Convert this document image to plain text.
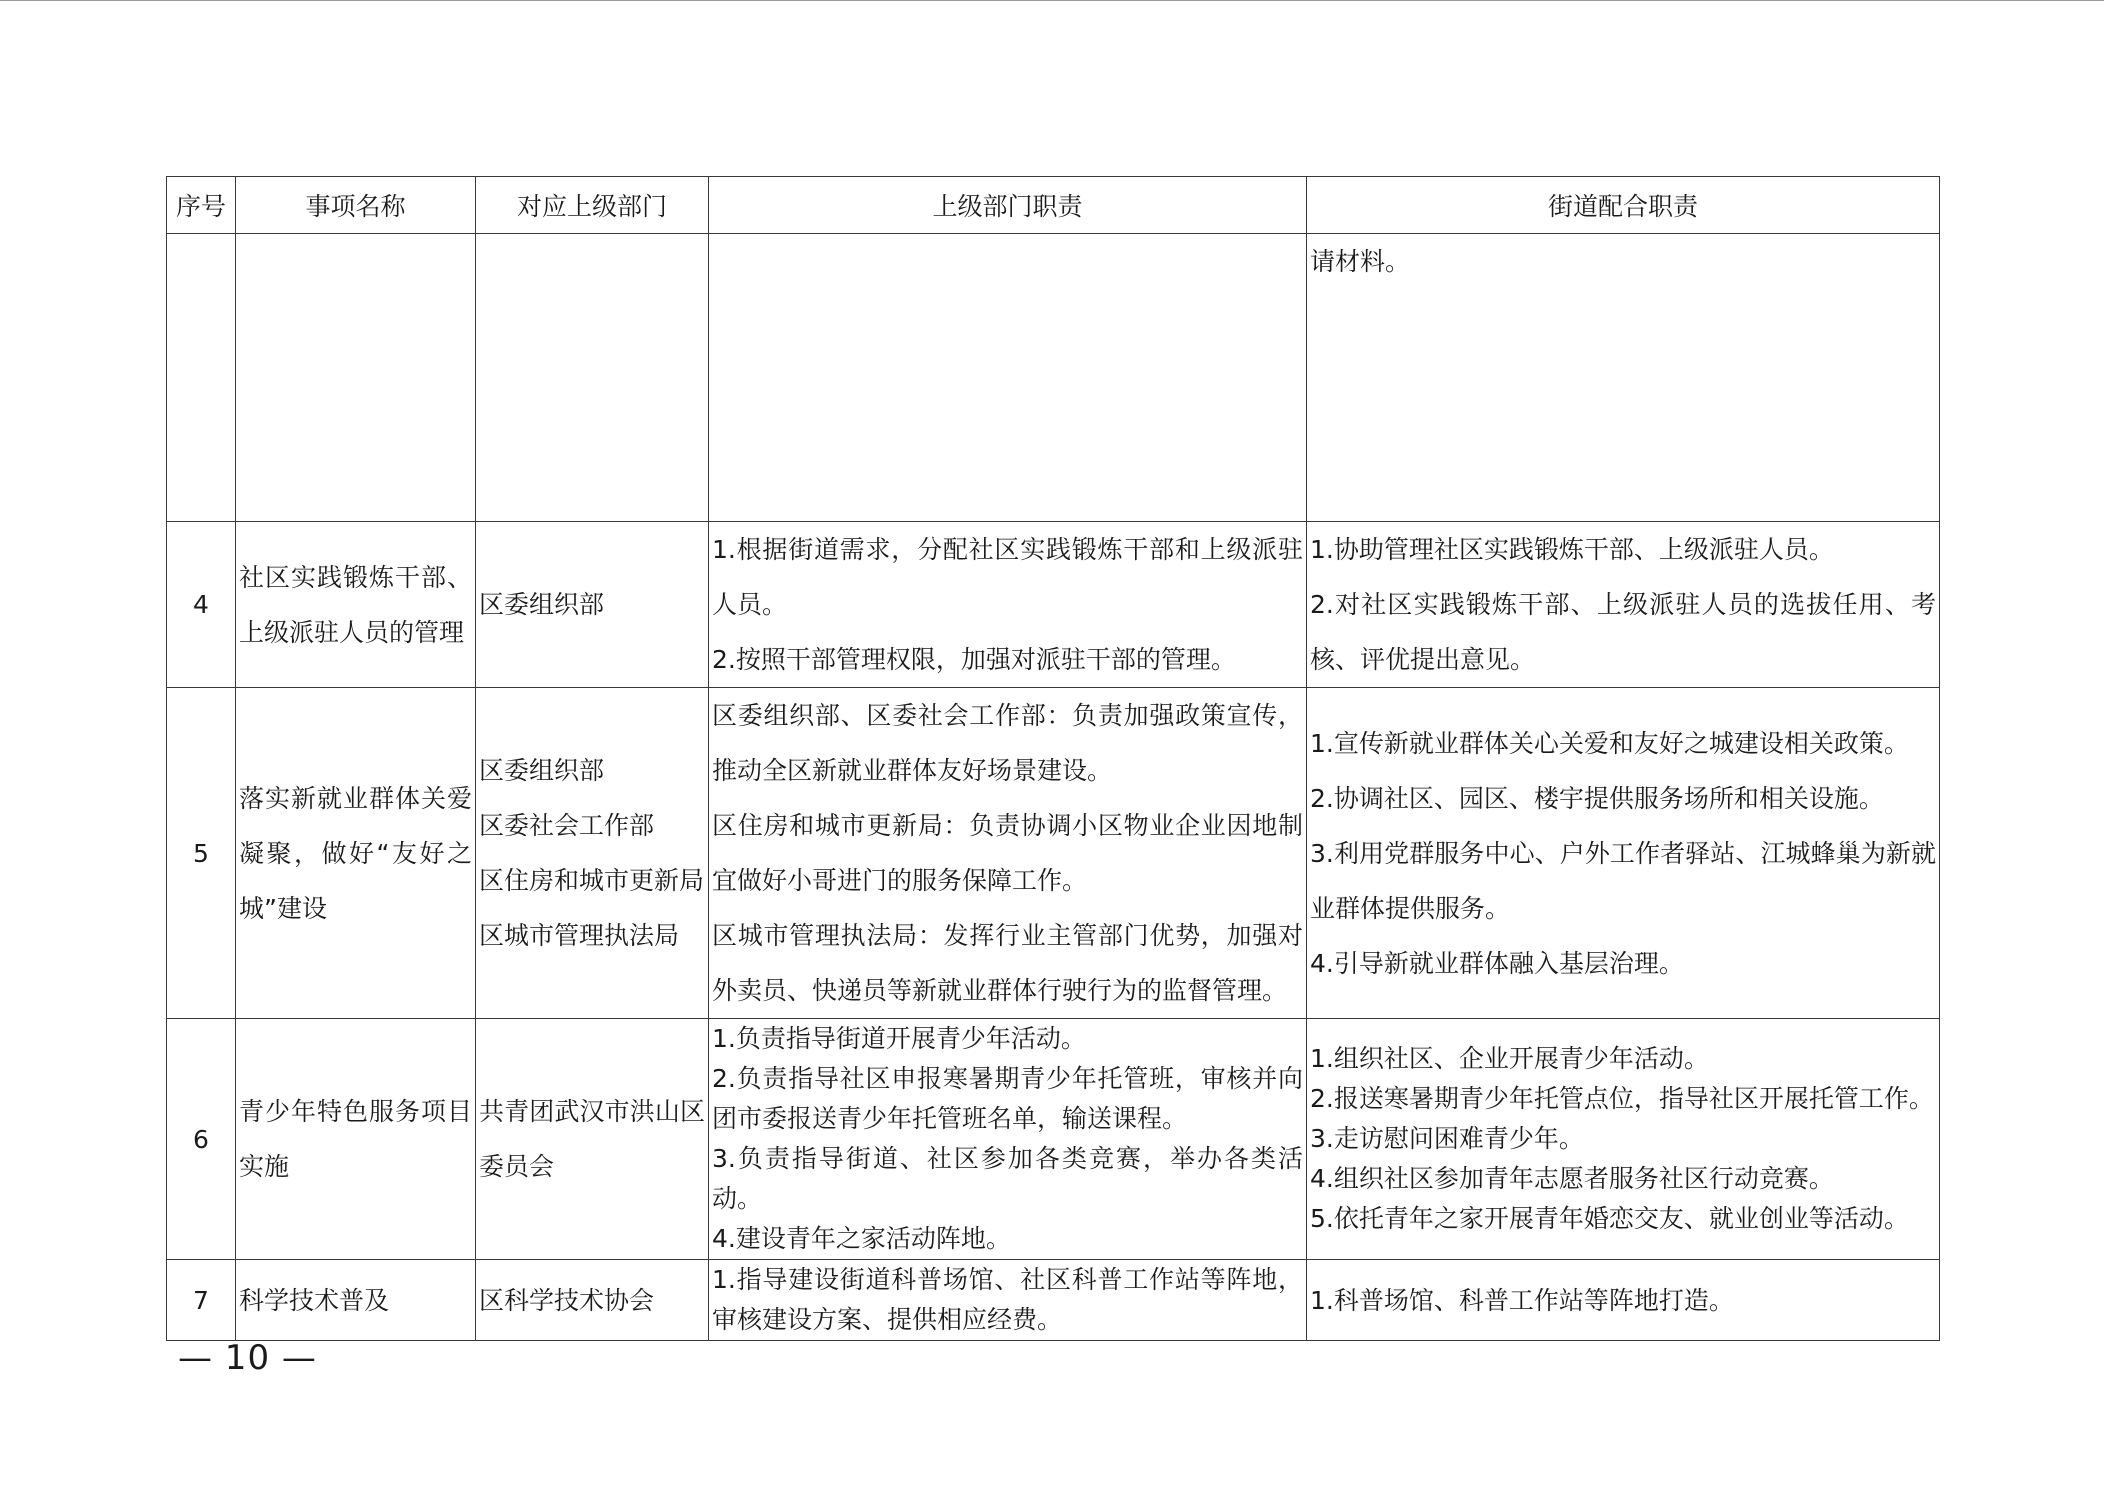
序号	事项名称	对应上级部门	上级部门职责	街道配合职责

				请材料。

4	社区实践锻炼干部、上级派驻人员的管理	区委组织部	1.根据街道需求，分配社区实践锻炼干部和上级派驻人员。
2.按照干部管理权限，加强对派驻干部的管理。	1.协助管理社区实践锻炼干部、上级派驻人员。
2.对社区实践锻炼干部、上级派驻人员的选拔任用、考核、评优提出意见。

5	落实新就业群体关爱凝聚，做好“友好之城”建设	区委组织部
区委社会工作部
区住房和城市更新局
区城市管理执法局	区委组织部、区委社会工作部：负责加强政策宣传，推动全区新就业群体友好场景建设。
区住房和城市更新局：负责协调小区物业企业因地制宜做好小哥进门的服务保障工作。
区城市管理执法局：发挥行业主管部门优势，加强对外卖员、快递员等新就业群体行驶行为的监督管理。	1.宣传新就业群体关心关爱和友好之城建设相关政策。
2.协调社区、园区、楼宇提供服务场所和相关设施。
3.利用党群服务中心、户外工作者驿站、江城蜂巢为新就业群体提供服务。
4.引导新就业群体融入基层治理。

6	青少年特色服务项目实施	共青团武汉市洪山区委员会	1.负责指导街道开展青少年活动。
2.负责指导社区申报寒暑期青少年托管班，审核并向团市委报送青少年托管班名单，输送课程。
3.负责指导街道、社区参加各类竞赛，举办各类活动。
4.建设青年之家活动阵地。	1.组织社区、企业开展青少年活动。
2.报送寒暑期青少年托管点位，指导社区开展托管工作。
3.走访慰问困难青少年。
4.组织社区参加青年志愿者服务社区行动竞赛。
5.依托青年之家开展青年婚恋交友、就业创业等活动。

7	科学技术普及	区科学技术协会	1.指导建设街道科普场馆、社区科普工作站等阵地，审核建设方案、提供相应经费。	1.科普场馆、科普工作站等阵地打造。
— 10 —
